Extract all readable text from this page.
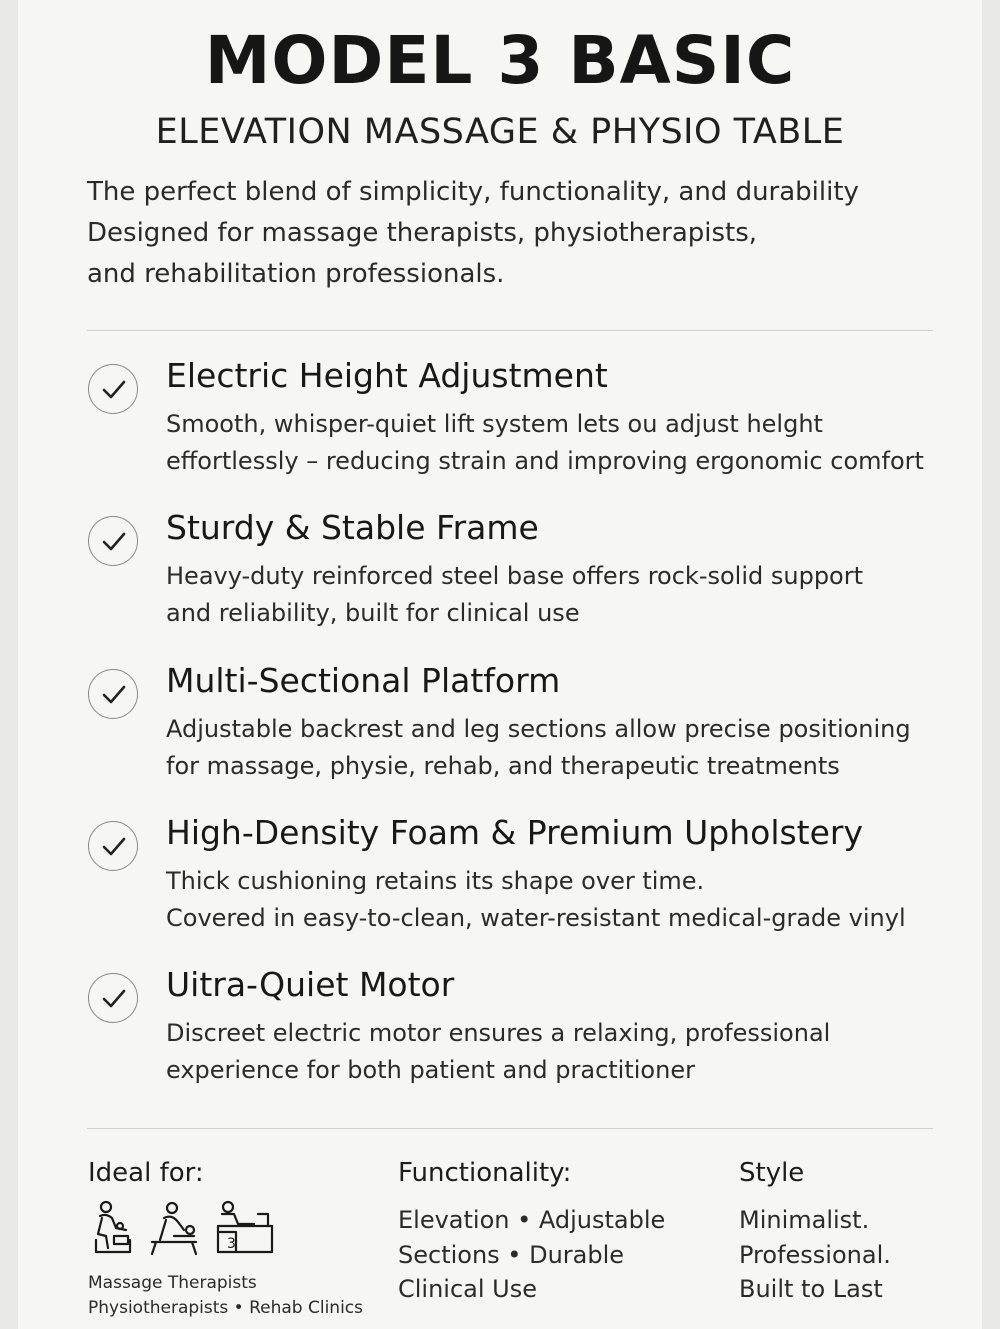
MODEL 3 BASIC
ELEVATION MASSAGE & PHYSIO TABLE
The perfect blend of simplicity, functionality, and durability
Designed for massage therapists, physiotherapists,
and rehabilitation professionals.
Electric Height Adjustment
Smooth, whisper-quiet lift system lets ou adjust helght
effortlessly – reducing strain and improving ergonomic comfort
Sturdy & Stable Frame
Heavy-duty reinforced steel base offers rock-solid support
and reliability, built for clinical use
Multi-Sectional Platform
Adjustable backrest and leg sections allow precise positioning
for massage, physie, rehab, and therapeutic treatments
High-Density Foam & Premium Upholstery
Thick cushioning retains its shape over time.
Covered in easy-to-clean, water-resistant medical-grade vinyl
Uitra-Quiet Motor
Discreet electric motor ensures a relaxing, professional
experience for both patient and practitioner
Ideal for:
3
Massage Therapists
Physiotherapists • Rehab Clinics
Functionality:
Elevation • Adjustable
Sections • Durable
Clinical Use
Style
Minimalist.
Professional.
Built to Last
